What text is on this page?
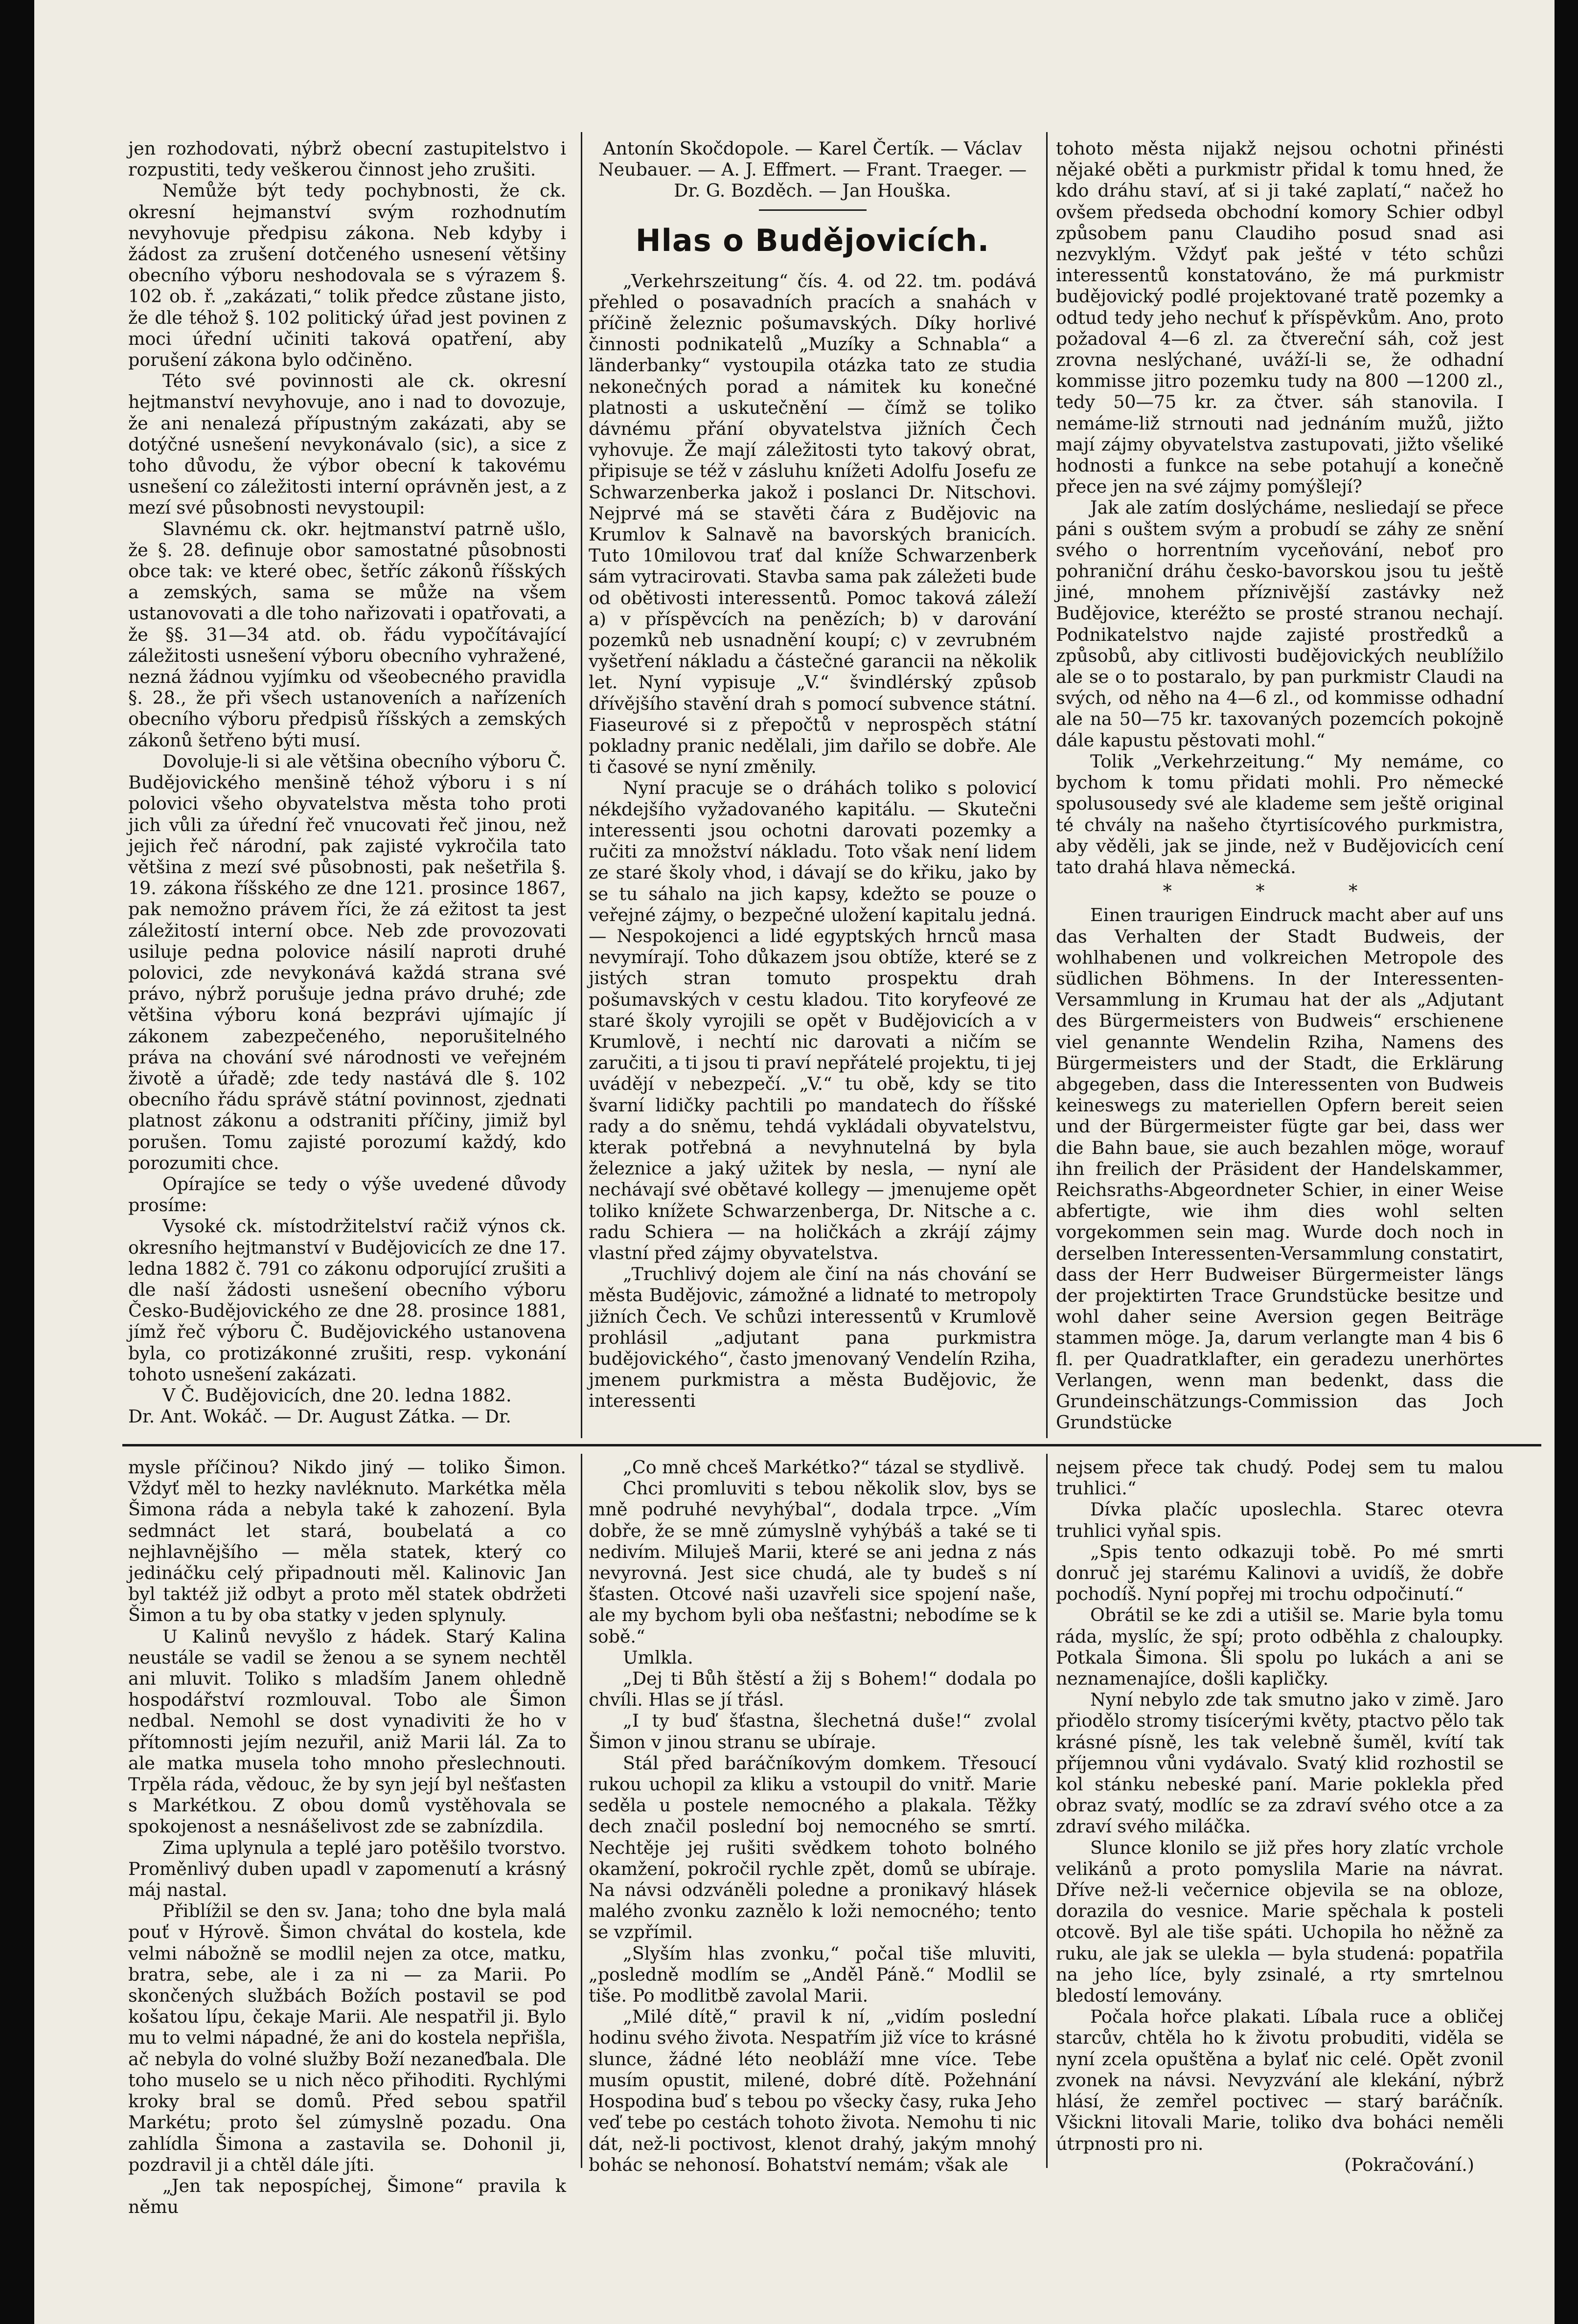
jen rozhodovati, nýbrž obecní zastupitelstvo i rozpustiti, tedy veškerou činnost jeho zrušiti.

Nemůže být tedy pochybnosti, že ck. okresní hejmanství svým rozhodnutím nevyhovuje předpisu zákona. Neb kdyby i žádost za zrušení dotčeného usnesení většiny obecního výboru neshodovala se s výrazem §. 102 ob. ř. „zakázati,“ tolik předce zůstane jisto, že dle téhož §. 102 politický úřad jest povinen z moci úřední učiniti taková opatření, aby porušení zákona bylo odčiněno.

Této své povinnosti ale ck. okresní hejtmanství nevyhovuje, ano i nad to dovozuje, že ani nenalezá přípustným zakázati, aby se dotýčné usnešení nevykonávalo (sic), a sice z toho důvodu, že výbor obecní k takovému usnešení co záležitosti interní oprávněn jest, a z mezí své působnosti nevystoupil:

Slavnému ck. okr. hejtmanství patrně ušlo, že §. 28. definuje obor samostatné působnosti obce tak: ve které obec, šetříc zákonů říšských a zemských, sama se může na všem ustanovovati a dle toho nařizovati i opatřovati, a že §§. 31—34 atd. ob. řádu vypočítávající záležitosti usnešení výboru obecního vyhražené, nezná žádnou vyjímku od všeobecného pravidla §. 28., že při všech ustanoveních a nařízeních obecního výboru předpisů říšských a zemských zákonů šetřeno býti musí.

Dovoluje-li si ale většina obecního výboru Č. Budějovického menšině téhož výboru i s ní polovici všeho obyvatelstva města toho proti jich vůli za úřední řeč vnucovati řeč jinou, než jejich řeč národní, pak zajisté vykročila tato většina z mezí své působnosti, pak nešetřila §. 19. zákona říšského ze dne 121. prosince 1867, pak nemožno právem říci, že zá ežitost ta jest záležitostí interní obce. Neb zde provozovati usiluje pedna polovice násilí naproti druhé polovici, zde nevykonává každá strana své právo, nýbrž porušuje jedna právo druhé; zde většina výboru koná bezprávi ujímajíc jí zákonem zabezpečeného, neporušitelného práva na chování své národnosti ve veřejném životě a úřadě; zde tedy nastává dle §. 102 obecního řádu správě státní povinnost, zjednati platnost zákonu a odstraniti příčiny, jimiž byl porušen. Tomu zajisté porozumí každý, kdo porozumiti chce.

Opírajíce se tedy o výše uvedené důvody prosíme:

Vysoké ck. místodržitelství račiž výnos ck. okresního hejtmanství v Budějovicích ze dne 17. ledna 1882 č. 791 co zákonu odporující zrušiti a dle naší žádosti usnešení obecního výboru Česko-Budějovického ze dne 28. prosince 1881, jímž řeč výboru Č. Budějovického ustanovena byla, co protizákonné zrušiti, resp. vykonání tohoto usnešení zakázati.

V Č. Budějovicích, dne 20. ledna 1882.

Dr. Ant. Wokáč. — Dr. August Zátka. — Dr.

Antonín Skočdopole. — Karel Čertík. — Václav Neubauer. — A. J. Effmert. — Frant. Traeger. — Dr. G. Bozděch. — Jan Houška.

Hlas o Budějovicích.

„Verkehrszeitung“ čís. 4. od 22. tm. podává přehled o posavadních pracích a snahách v příčině železnic pošumavských. Díky horlivé činnosti podnikatelů „Muzíky a Schnabla“ a länderbanky“ vystoupila otázka tato ze studia nekonečných porad a námitek ku konečné platnosti a uskutečnění — čímž se toliko dávnému přání obyvatelstva jižních Čech vyhovuje. Že mají záležitosti tyto takový obrat, připisuje se též v zásluhu knížeti Adolfu Josefu ze Schwarzenberka jakož i poslanci Dr. Nitschovi. Nejprvé má se stavěti čára z Budějovic na Krumlov k Salnavě na bavorských branicích. Tuto 10milovou trať dal kníže Schwarzenberk sám vytracirovati. Stavba sama pak záležeti bude od obětivosti interessentů. Pomoc taková záleží a) v příspěvcích na penězích; b) v darování pozemků neb usnadnění koupí; c) v zevrubném vyšetření nákladu a částečné garancii na několik let. Nyní vypisuje „V.“ švindlérský způsob dřívějšího stavění drah s pomocí subvence státní. Fiaseurové si z přepočtů v neprospěch státní pokladny pranic nedělali, jim dařilo se dobře. Ale ti časové se nyní změnily.

Nyní pracuje se o dráhách toliko s polovicí nékdejšího vyžadovaného kapitálu. — Skutečni interessenti jsou ochotni darovati pozemky a ručiti za množství nákladu. Toto však není lidem ze staré školy vhod, i dávají se do křiku, jako by se tu sáhalo na jich kapsy, kdežto se pouze o veřejné zájmy, o bezpečné uložení kapitalu jedná. — Nespokojenci a lidé egyptských hrnců masa nevymírají. Toho důkazem jsou obtíže, které se z jistých stran tomuto prospektu drah pošumavských v cestu kladou. Tito koryfeové ze staré školy vyrojili se opět v Budějovicích a v Krumlově, i nechtí nic darovati a ničím se zaručiti, a ti jsou ti praví nepřátelé projektu, ti jej uvádějí v nebezpečí. „V.“ tu obě, kdy se tito švarní lidičky pachtili po mandatech do říšské rady a do sněmu, tehdá vykládali obyvatelstvu, kterak potřebná a nevyhnutelná by byla železnice a jaký užitek by nesla, — nyní ale nechávají své obětavé kollegy — jmenujeme opět toliko knížete Schwarzenberga, Dr. Nitsche a c. radu Schiera — na holičkách a zkrájí zájmy vlastní před zájmy obyvatelstva.

„Truchlivý dojem ale činí na nás chování se města Budějovic, zámožné a lidnaté to metropoly jižních Čech. Ve schůzi interessentů v Krumlově prohlásil „adjutant pana purkmistra budějovického“, často jmenovaný Vendelín Rziha, jmenem purkmistra a města Budějovic, že interessenti

tohoto města nijakž nejsou ochotni přinésti nějaké oběti a purkmistr přidal k tomu hned, že kdo dráhu staví, ať si ji také zaplatí,“ načež ho ovšem předseda obchodní komory Schier odbyl způsobem panu Claudiho posud snad asi nezvyklým. Vždyť pak ješté v této schůzi interessentů konstatováno, že má purkmistr budějovický podlé projektované tratě pozemky a odtud tedy jeho nechuť k příspěvkům. Ano, proto požadoval 4—6 zl. za čtvereční sáh, což jest zrovna neslýchané, uváží-li se, že odhadní kommisse jitro pozemku tudy na 800 —1200 zl., tedy 50—75 kr. za čtver. sáh stanovila. I nemáme-liž strnouti nad jednáním mužů, jižto mají zájmy obyvatelstva zastupovati, jižto všeliké hodnosti a funkce na sebe potahují a konečně přece jen na své zájmy pomýšlejí?

Jak ale zatím doslýcháme, nesliedají se přece páni s ouštem svým a probudí se záhy ze snění svého o horrentním vyceňování, neboť pro pohraniční dráhu česko-bavorskou jsou tu ještě jiné, mnohem příznivější zastávky než Budějovice, kteréžto se prosté stranou nechají. Podnikatelstvo najde zajisté prostředků a způsobů, aby citlivosti budějovických neublížilo ale se o to postaralo, by pan purkmistr Claudi na svých, od něho na 4—6 zl., od kommisse odhadní ale na 50—75 kr. taxovaných pozemcích pokojně dále kapustu pěstovati mohl.“

Tolik „Verkehrzeitung.“ My nemáme, co bychom k tomu přidati mohli. Pro německé spolusousedy své ale klademe sem ještě original té chvály na našeho čtyrtisícového purkmistra, aby věděli, jak se jinde, než v Budějovicích cení tato drahá hlava německá.

* * *

Einen traurigen Eindruck macht aber auf uns das Verhalten der Stadt Budweis, der wohlhabenen und volkreichen Metropole des südlichen Böhmens. In der Interessenten-Versammlung in Krumau hat der als „Adjutant des Bürgermeisters von Budweis“ erschienene viel genannte Wendelin Rziha, Namens des Bürgermeisters und der Stadt, die Erklärung abgegeben, dass die Interessenten von Budweis keineswegs zu materiellen Opfern bereit seien und der Bürgermeister fügte gar bei, dass wer die Bahn baue, sie auch bezahlen möge, worauf ihn freilich der Präsident der Handelskammer, Reichsraths-Abgeordneter Schier, in einer Weise abfertigte, wie ihm dies wohl selten vorgekommen sein mag. Wurde doch noch in derselben Interessenten-Versammlung constatirt, dass der Herr Budweiser Bürgermeister längs der projektirten Trace Grundstücke besitze und wohl daher seine Aversion gegen Beiträge stammen möge. Ja, darum verlangte man 4 bis 6 fl. per Quadratklafter, ein geradezu unerhörtes Verlangen, wenn man bedenkt, dass die Grundeinschätzungs-Commission das Joch Grundstücke

mysle příčinou? Nikdo jiný — toliko Šimon. Vždyť měl to hezky navléknuto. Markétka měla Šimona ráda a nebyla také k zahození. Byla sedmnáct let stará, boubelatá a co nejhlavnějšího — měla statek, který co jedináčku celý připadnouti měl. Kalinovic Jan byl taktéž již odbyt a proto měl statek obdržeti Šimon a tu by oba statky v jeden splynuly.

U Kalinů nevyšlo z hádek. Starý Kalina neustále se vadil se ženou a se synem nechtěl ani mluvit. Toliko s mladším Janem ohledně hospodářství rozmlouval. Tobo ale Šimon nedbal. Nemohl se dost vynadiviti že ho v přítomnosti jejím nezuřil, aniž Marii lál. Za to ale matka musela toho mnoho přeslechnouti. Trpěla ráda, vědouc, že by syn její byl nešťasten s Markétkou. Z obou domů vystěhovala se spokojenost a nesnášelivost zde se zabnízdila.

Zima uplynula a teplé jaro potěšilo tvorstvo. Proměnlivý duben upadl v zapomenutí a krásný máj nastal.

Přiblížil se den sv. Jana; toho dne byla malá pouť v Hýrově. Šimon chvátal do kostela, kde velmi nábožně se modlil nejen za otce, matku, bratra, sebe, ale i za ni — za Marii. Po skončených službách Božích postavil se pod košatou lípu, čekaje Marii. Ale nespatřil ji. Bylo mu to velmi nápadné, že ani do kostela nepřišla, ač nebyla do volné služby Boží nezaneďbala. Dle toho muselo se u nich něco přihoditi. Rychlými kroky bral se domů. Před sebou spatřil Markétu; proto šel zúmyslně pozadu. Ona zahlídla Šimona a zastavila se. Dohonil ji, pozdravil ji a chtěl dále jíti.

„Jen tak nepospíchej, Šimone“ pravila k němu

„Co mně chceš Markétko?“ tázal se stydlivě.

Chci promluviti s tebou několik slov, bys se mně podruhé nevyhýbal“, dodala trpce. „Vím dobře, že se mně zúmyslně vyhýbáš a také se ti nedivím. Miluješ Marii, které se ani jedna z nás nevyrovná. Jest sice chudá, ale ty budeš s ní šťasten. Otcové naši uzavřeli sice spojení naše, ale my bychom byli oba nešťastni; nebodíme se k sobě.“

Umlkla.

„Dej ti Bůh štěstí a žij s Bohem!“ dodala po chvíli. Hlas se jí třásl.

„I ty buď šťastna, šlechetná duše!“ zvolal Šimon v jinou stranu se ubíraje.

Stál před baráčníkovým domkem. Třesoucí rukou uchopil za kliku a vstoupil do vnitř. Marie seděla u postele nemocného a plakala. Těžky dech značil poslední boj nemocného se smrtí. Nechtěje jej rušiti svědkem tohoto bolného okamžení, pokročil rychle zpět, domů se ubíraje. Na návsi odzváněli poledne a pronikavý hlásek malého zvonku zaznělo k loži nemocného; tento se vzpřímil.

„Slyším hlas zvonku,“ počal tiše mluviti, „posledně modlím se „Anděl Páně.“ Modlil se tiše. Po modlitbě zavolal Marii.

„Milé dítě,“ pravil k ní, „vidím poslední hodinu svého života. Nespatřím již více to krásné slunce, žádné léto neobláží mne více. Tebe musím opustit, milené, dobré dítě. Požehnání Hospodina buď s tebou po všecky časy, ruka Jeho veď tebe po cestách tohoto života. Nemohu ti nic dát, než-li poctivost, klenot drahý, jakým mnohý bohác se nehonosí. Bohatství nemám; však ale

nejsem přece tak chudý. Podej sem tu malou truhlici.“

Dívka plačíc uposlechla. Starec otevra truhlici vyňal spis.

„Spis tento odkazuji tobě. Po mé smrti donruč jej starému Kalinovi a uvidíš, že dobře pochodíš. Nyní popřej mi trochu odpočinutí.“

Obrátil se ke zdi a utišil se. Marie byla tomu ráda, myslíc, že spí; proto odběhla z chaloupky. Potkala Šimona. Šli spolu po lukách a ani se neznamenajíce, došli kapličky.

Nyní nebylo zde tak smutno jako v zimě. Jaro přiodělo stromy tisícerými květy, ptactvo pělo tak krásné písně, les tak velebně šuměl, kvítí tak příjemnou vůni vydávalo. Svatý klid rozhostil se kol stánku nebeské paní. Marie poklekla před obraz svatý, modlíc se za zdraví svého otce a za zdraví svého miláčka.

Slunce klonilo se již přes hory zlatíc vrchole velikánů a proto pomyslila Marie na návrat. Dříve než-li večernice objevila se na obloze, dorazila do vesnice. Marie spěchala k posteli otcově. Byl ale tiše spáti. Uchopila ho něžně za ruku, ale jak se ulekla — byla studená: popatřila na jeho líce, byly zsinalé, a rty smrtelnou bledostí lemovány.

Počala hořce plakati. Líbala ruce a obličej starcův, chtěla ho k životu probuditi, viděla se nyní zcela opuštěna a bylať nic celé. Opět zvonil zvonek na návsi. Nevyzvání ale klekání, nýbrž hlásí, že zemřel poctivec — starý baráčník. Všickni litovali Marie, toliko dva boháci neměli útrpnosti pro ni.

(Pokračování.)
